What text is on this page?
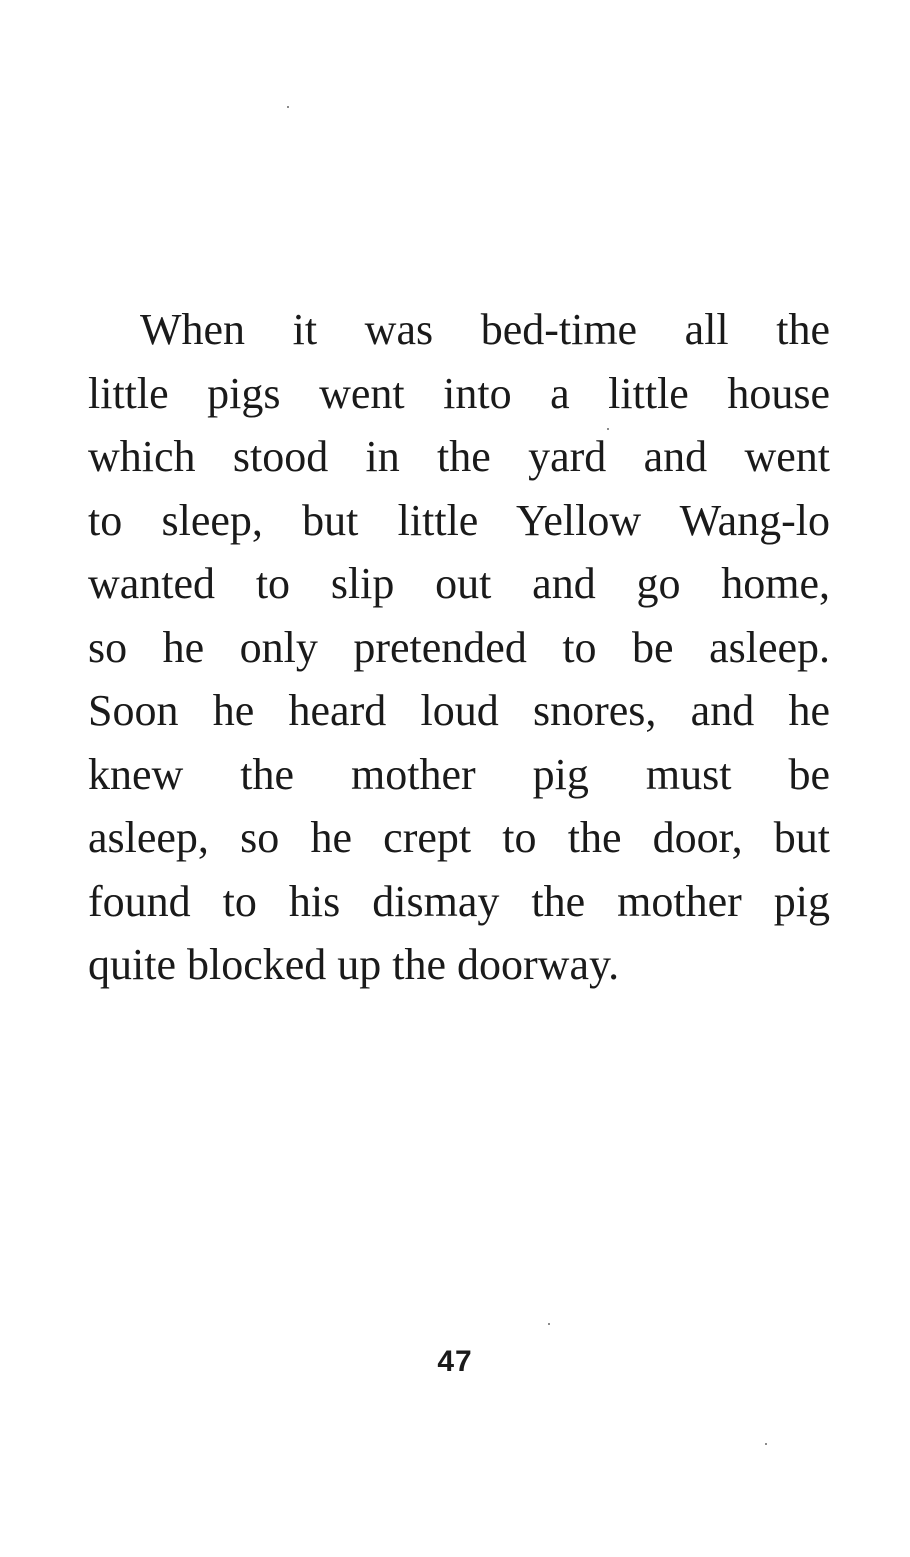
When it was bed-time all the
little pigs went into a little house
which stood in the yard and went
to sleep, but little Yellow Wang-lo
wanted to slip out and go home,
so he only pretended to be asleep.
Soon he heard loud snores, and he
knew the mother pig must be
asleep, so he crept to the door, but
found to his dismay the mother pig
quite blocked up the doorway.
47
